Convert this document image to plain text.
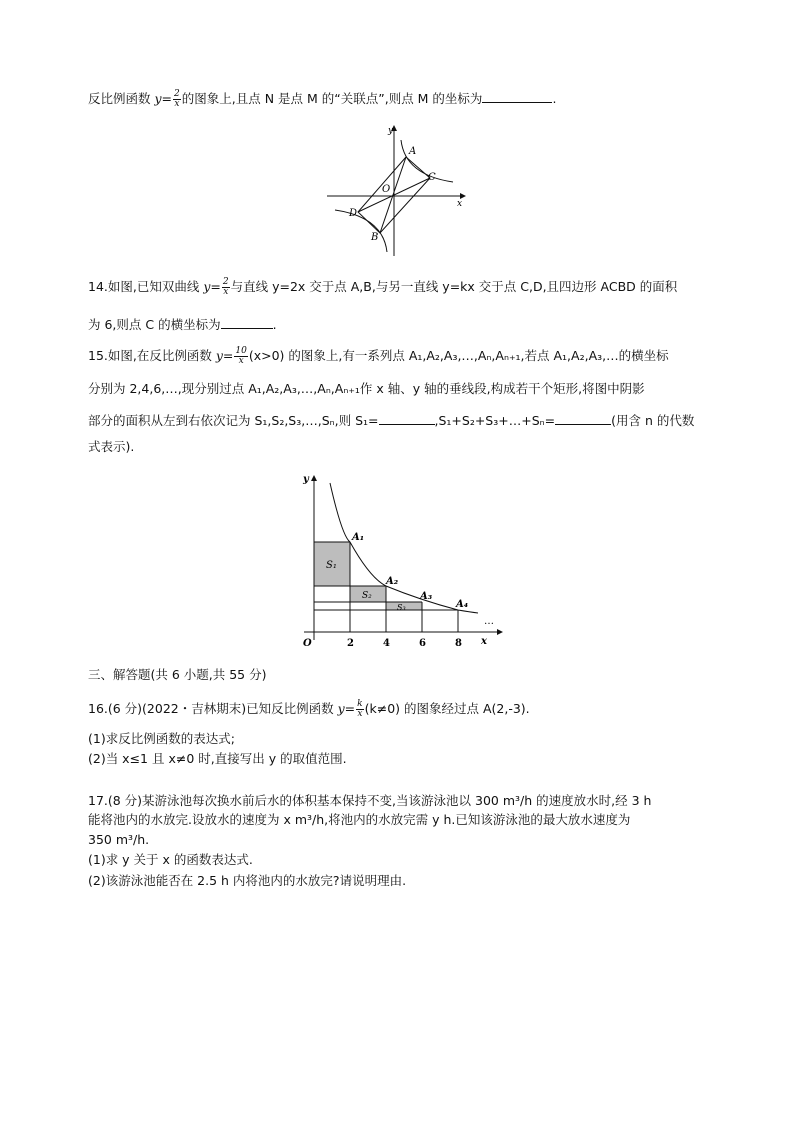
反比例函数 $y= \frac{2}{x}$ 的图象上,且点 N 是点 M 的“关联点”,则点 M 的坐标为	.
y
x
A
C
O
D
B
14.如图,已知双曲线 $y= \frac{2}{x}$ 与直线 y=2x 交于点 A,B,与另一直线 y=kx 交于点 C,D,且四边形 ACBD 的面积
为 6,则点 C 的横坐标为	.
15.如图,在反比例函数 $y= \frac{10}{x} (x>0)$ 的图象上,有一系列点 A₁,A₂,A₃,…,Aₙ,Aₙ₊₁,若点 A₁,A₂,A₃,…的横坐标
分别为 2,4,6,…,现分别过点 A₁,A₂,A₃,…,Aₙ,Aₙ₊₁作 x 轴、y 轴的垂线段,构成若干个矩形,将图中阴影
部分的面积从左到右依次记为 S₁,S₂,S₃,…,Sₙ,则 S₁=	,S₁+S₂+S₃+…+Sₙ=	(用含 n 的代数
式表示).
y
x
O	2	4	6	8
A₁
A₂
A₃
A₄
S₁
S₂
S₃
…
三、解答题(共 6 小题,共 55 分)
16.(6 分)(2022・吉林期末)已知反比例函数 $y= \frac{k}{x} (k\ne 0)$ 的图象经过点 A(2,-3).
(1)求反比例函数的表达式;
(2)当 x≤1 且 x≠0 时,直接写出 y 的取值范围.
17.(8 分)某游泳池每次换水前后水的体积基本保持不变,当该游泳池以 300 m³/h 的速度放水时,经 3 h
能将池内的水放完.设放水的速度为 x m³/h,将池内的水放完需 y h.已知该游泳池的最大放水速度为
350 m³/h.
(1)求 y 关于 x 的函数表达式.
(2)该游泳池能否在 2.5 h 内将池内的水放完?请说明理由.
